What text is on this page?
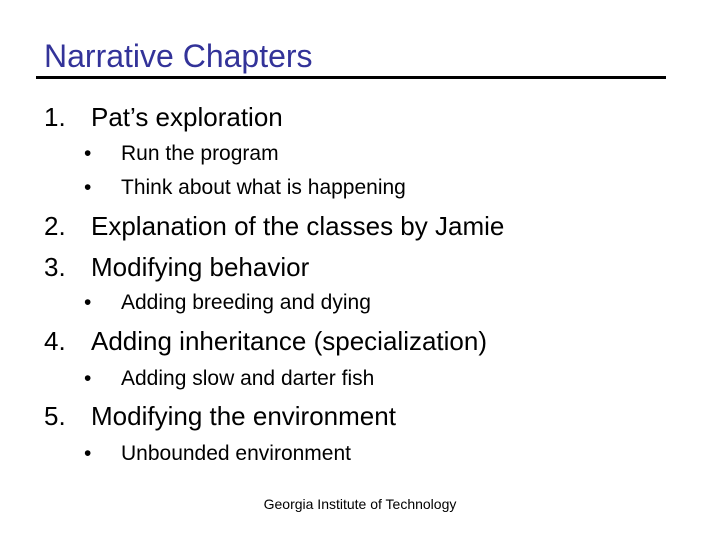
Narrative Chapters
1. Pat’s exploration
• Run the program
• Think about what is happening
2. Explanation of the classes by Jamie
3. Modifying behavior
• Adding breeding and dying
4. Adding inheritance (specialization)
• Adding slow and darter fish
5. Modifying the environment
• Unbounded environment
Georgia Institute of Technology
